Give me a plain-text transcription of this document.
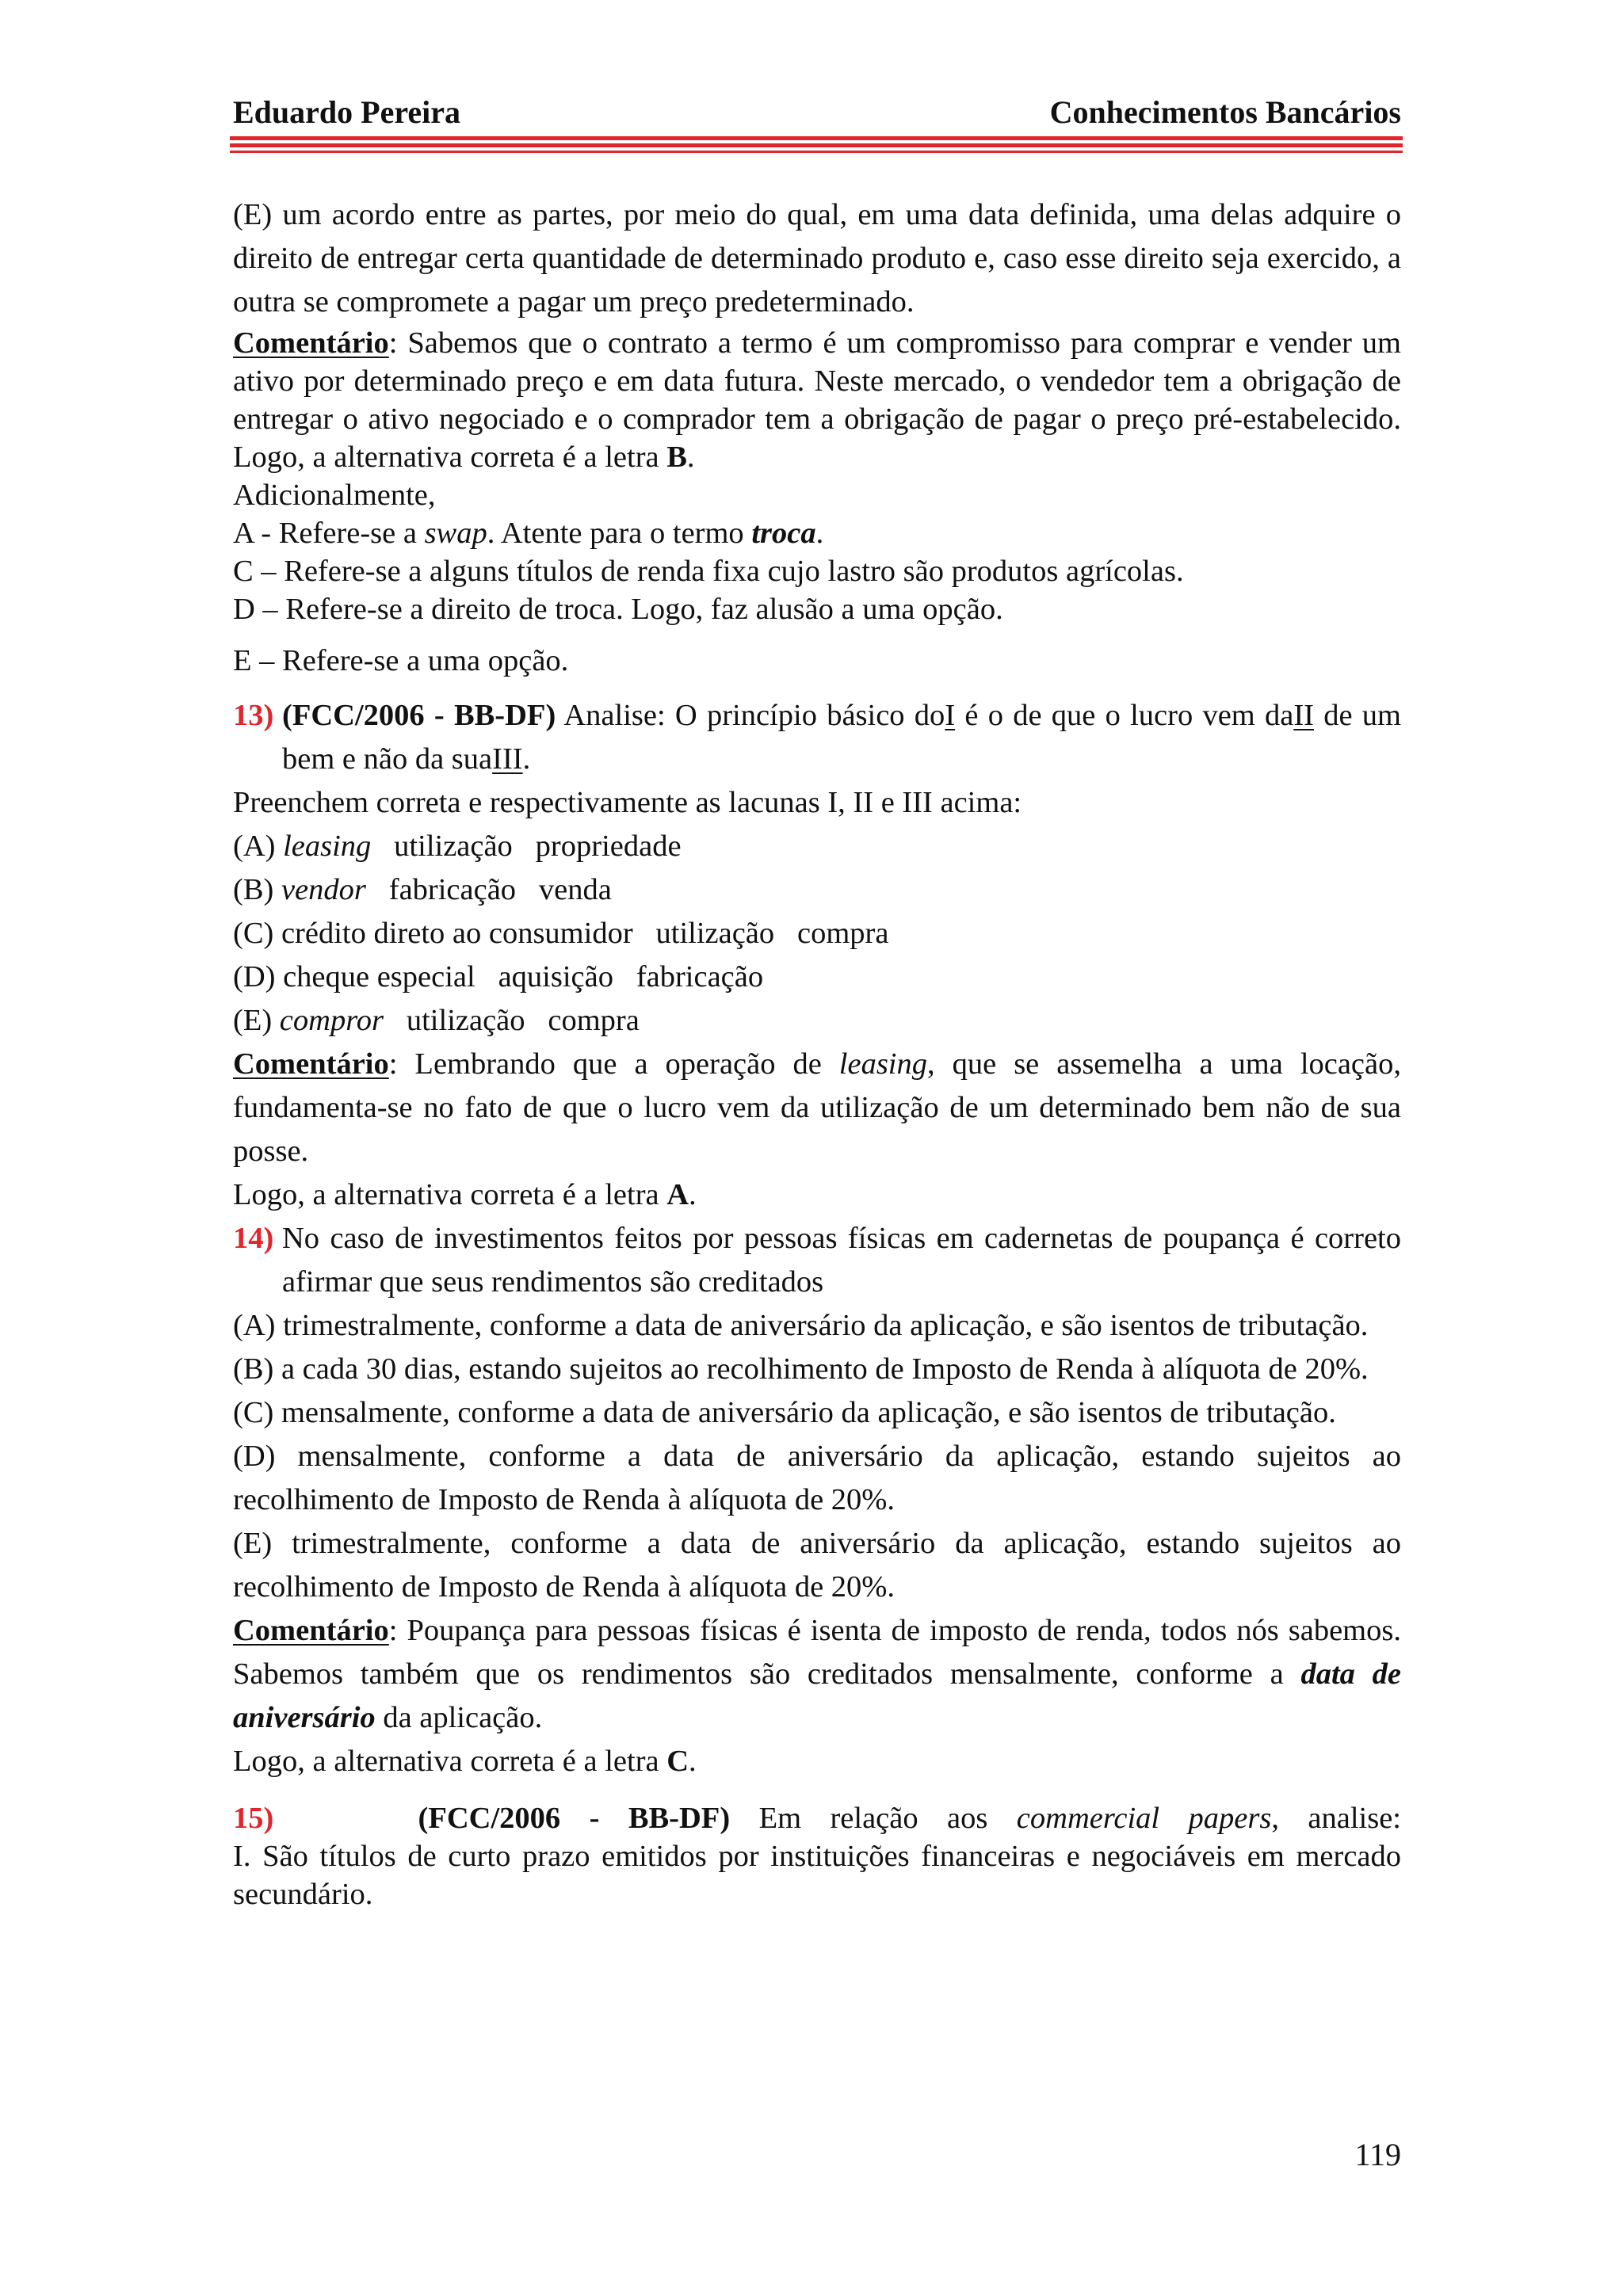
Eduardo Pereira	Conhecimentos Bancários

(E) um acordo entre as partes, por meio do qual, em uma data definida, uma delas adquire o direito de entregar certa quantidade de determinado produto e, caso esse direito seja exercido, a outra se compromete a pagar um preço predeterminado.

Comentário: Sabemos que o contrato a termo é um compromisso para comprar e vender um ativo por determinado preço e em data futura. Neste mercado, o vendedor tem a obrigação de entregar o ativo negociado e o comprador tem a obrigação de pagar o preço pré-estabelecido. Logo, a alternativa correta é a letra B.

Adicionalmente,

A - Refere-se a swap. Atente para o termo troca.

C – Refere-se a alguns títulos de renda fixa cujo lastro são produtos agrícolas.

D – Refere-se a direito de troca. Logo, faz alusão a uma opção.

E – Refere-se a uma opção.

13) (FCC/2006 - BB-DF) Analise: O princípio básico doI é o de que o lucro vem daII de um bem e não da suaIII.

Preenchem correta e respectivamente as lacunas I, II e III acima:

(A) leasing   utilização   propriedade

(B) vendor   fabricação   venda

(C) crédito direto ao consumidor   utilização   compra

(D) cheque especial   aquisição   fabricação

(E) compror   utilização   compra

Comentário: Lembrando que a operação de leasing, que se assemelha a uma locação, fundamenta-se no fato de que o lucro vem da utilização de um determinado bem não de sua posse.

Logo, a alternativa correta é a letra A.

14) No caso de investimentos feitos por pessoas físicas em cadernetas de poupança é correto afirmar que seus rendimentos são creditados

(A) trimestralmente, conforme a data de aniversário da aplicação, e são isentos de tributação.

(B) a cada 30 dias, estando sujeitos ao recolhimento de Imposto de Renda à alíquota de 20%.

(C) mensalmente, conforme a data de aniversário da aplicação, e são isentos de tributação.

(D) mensalmente, conforme a data de aniversário da aplicação, estando sujeitos ao recolhimento de Imposto de Renda à alíquota de 20%.

(E) trimestralmente, conforme a data de aniversário da aplicação, estando sujeitos ao recolhimento de Imposto de Renda à alíquota de 20%.

Comentário: Poupança para pessoas físicas é isenta de imposto de renda, todos nós sabemos. Sabemos também que os rendimentos são creditados mensalmente, conforme a data de aniversário da aplicação.

Logo, a alternativa correta é a letra C.

15)	(FCC/2006 - BB-DF) Em relação aos commercial papers, analise:

I. São títulos de curto prazo emitidos por instituições financeiras e negociáveis em mercado secundário.

119
